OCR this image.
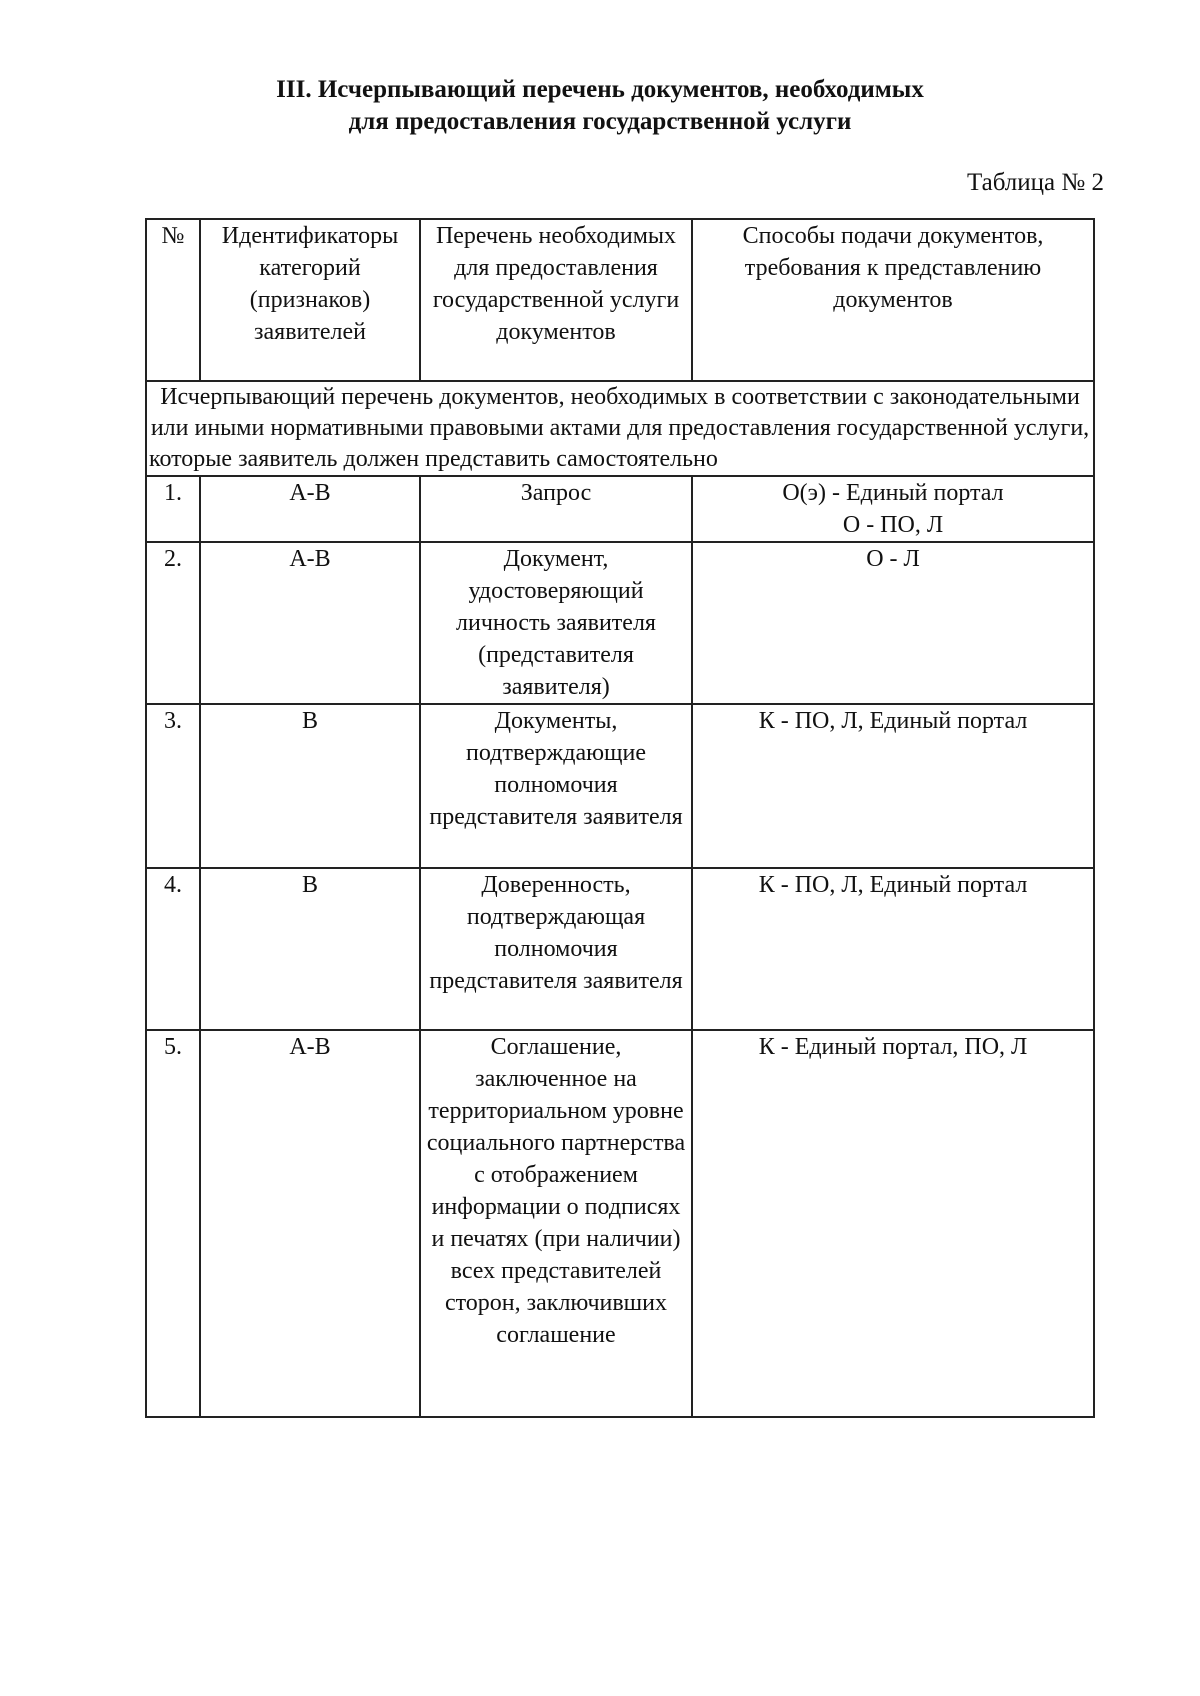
III. Исчерпывающий перечень документов, необходимых
для предоставления государственной услуги
Таблица № 2
№	Идентификаторы категорий (признаков) заявителей	Перечень необходимых для предоставления государственной услуги документов	Способы подачи документов, требования к представлению документов
Исчерпывающий перечень документов, необходимых в соответствии с законодательными или иными нормативными правовыми актами для предоставления государственной услуги, которые заявитель должен представить самостоятельно			
1.	А-В	Запрос	О(э) - Единый портал
О - ПО, Л

2.	А-В	Документ, удостоверяющий личность заявителя (представителя заявителя)	О - Л
3.	В	Документы, подтверждающие полномочия представителя заявителя	К - ПО, Л, Единый портал
4.	В	Доверенность, подтверждающая полномочия представителя заявителя	К - ПО, Л, Единый портал
5.	А-В	Соглашение, заключенное на территориальном уровне социального партнерства с отображением информации о подписях и печатях (при наличии) всех представителей сторон, заключивших соглашение	К - Единый портал, ПО, Л
